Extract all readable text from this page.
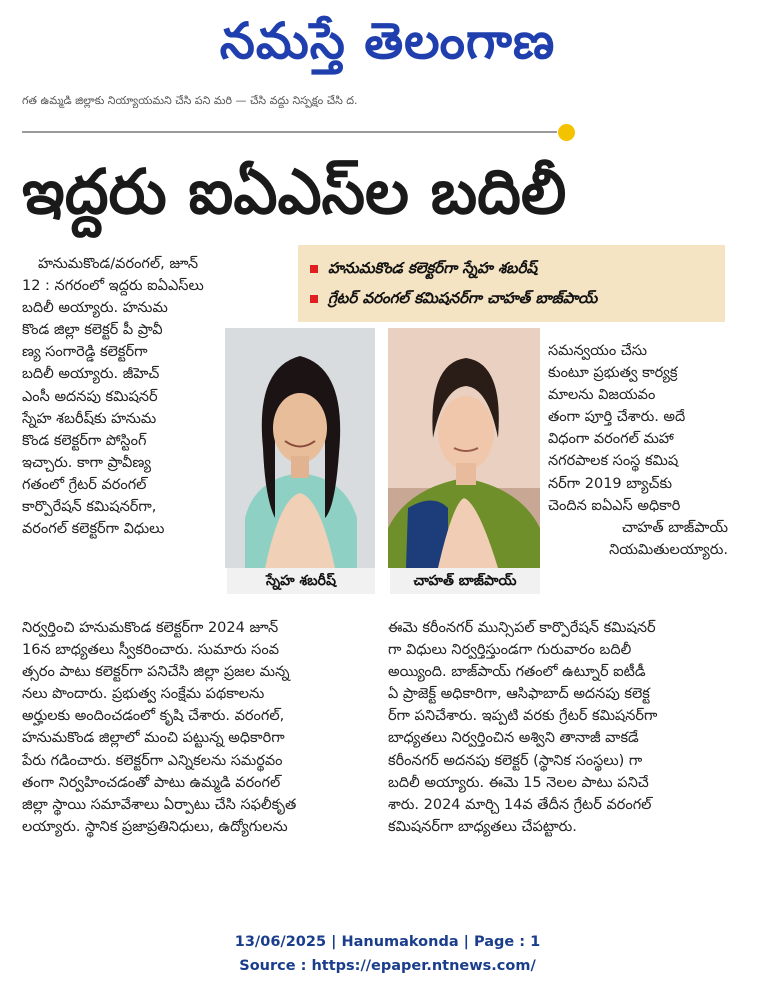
నమస్తే తెలంగాణ
గత ఉమ్మడి జిల్లాకు నియ్యాయమని చేసి పని మరి — చేసి వద్దు నిస్పక్షం చేసి ద.
ఇద్దరు ఐఏఎస్‌ల బదిలీ
హనుమకొండ కలెక్టర్‌గా స్నేహ శబరీష్
గ్రేటర్ వరంగల్ కమిషనర్‌గా చాహత్ బాజ్‌పాయ్

హనుమకొండ/వరంగల్, జూన్

12 : నగరంలో ఇద్దరు ఐఏఎస్‌లు

బదిలీ అయ్యారు. హనుమ

కొండ జిల్లా కలెక్టర్ పీ ప్రావీ

ణ్య సంగారెడ్డి కలెక్టర్‌గా

బదిలీ అయ్యారు. జీహెచ్

ఎంసీ అదనపు కమిషనర్

స్నేహ శబరీష్‌కు హనుమ

కొండ కలెక్టర్‌గా పోస్టింగ్

ఇచ్చారు. కాగా ప్రావీణ్య

గతంలో గ్రేటర్ వరంగల్

కార్పొరేషన్ కమిషనర్‌గా,

వరంగల్ కలెక్టర్‌గా విధులు

స్నేహ శబరీష్	చాహత్ బాజ్‌పాయ్

సమన్వయం చేసు

కుంటూ ప్రభుత్వ కార్యక్ర

మాలను విజయవం

తంగా పూర్తి చేశారు. అదే

విధంగా వరంగల్ మహా

నగరపాలక సంస్థ కమిష

నర్‌గా 2019 బ్యాచ్‌కు

చెందిన ఐఏఎస్ అధికారి

చాహత్ బాజ్‌పాయ్

నియమితులయ్యారు.

నిర్వర్తించి హనుమకొండ కలెక్టర్‌గా 2024 జూన్

16న బాధ్యతలు స్వీకరించారు. సుమారు సంవ

త్సరం పాటు కలెక్టర్‌గా పనిచేసి జిల్లా ప్రజల మన్న

నలు పొందారు. ప్రభుత్వ సంక్షేమ పథకాలను

అర్హులకు అందించడంలో కృషి చేశారు. వరంగల్,

హనుమకొండ జిల్లాలో మంచి పట్టున్న అధికారిగా

పేరు గడించారు. కలెక్టర్‌గా ఎన్నికలను సమర్థవం

తంగా నిర్వహించడంతో పాటు ఉమ్మడి వరంగల్

జిల్లా స్థాయి సమావేశాలు ఏర్పాటు చేసి సఫలీకృత

లయ్యారు. స్థానిక ప్రజాప్రతినిధులు, ఉద్యోగులను

ఈమె కరీంనగర్ మున్సిపల్ కార్పొరేషన్ కమిషనర్

గా విధులు నిర్వర్తిస్తుండగా గురువారం బదిలీ

అయ్యింది. బాజ్‌పాయ్ గతంలో ఉట్నూర్ ఐటీడీ

ఏ ప్రాజెక్ట్ అధికారిగా, ఆసిఫాబాద్ అదనపు కలెక్ట

ర్‌గా పనిచేశారు. ఇప్పటి వరకు గ్రేటర్ కమిషనర్‌గా

బాధ్యతలు నిర్వర్తించిన అశ్విని తానాజీ వాకడే

కరీంనగర్ అదనపు కలెక్టర్ (స్థానిక సంస్థలు) గా

బదిలీ అయ్యారు. ఈమె 15 నెలల పాటు పనిచే

శారు. 2024 మార్చి 14వ తేదీన గ్రేటర్ వరంగల్

కమిషనర్‌గా బాధ్యతలు చేపట్టారు.

13/06/2025 | Hanumakonda | Page : 1
Source : https://epaper.ntnews.com/
